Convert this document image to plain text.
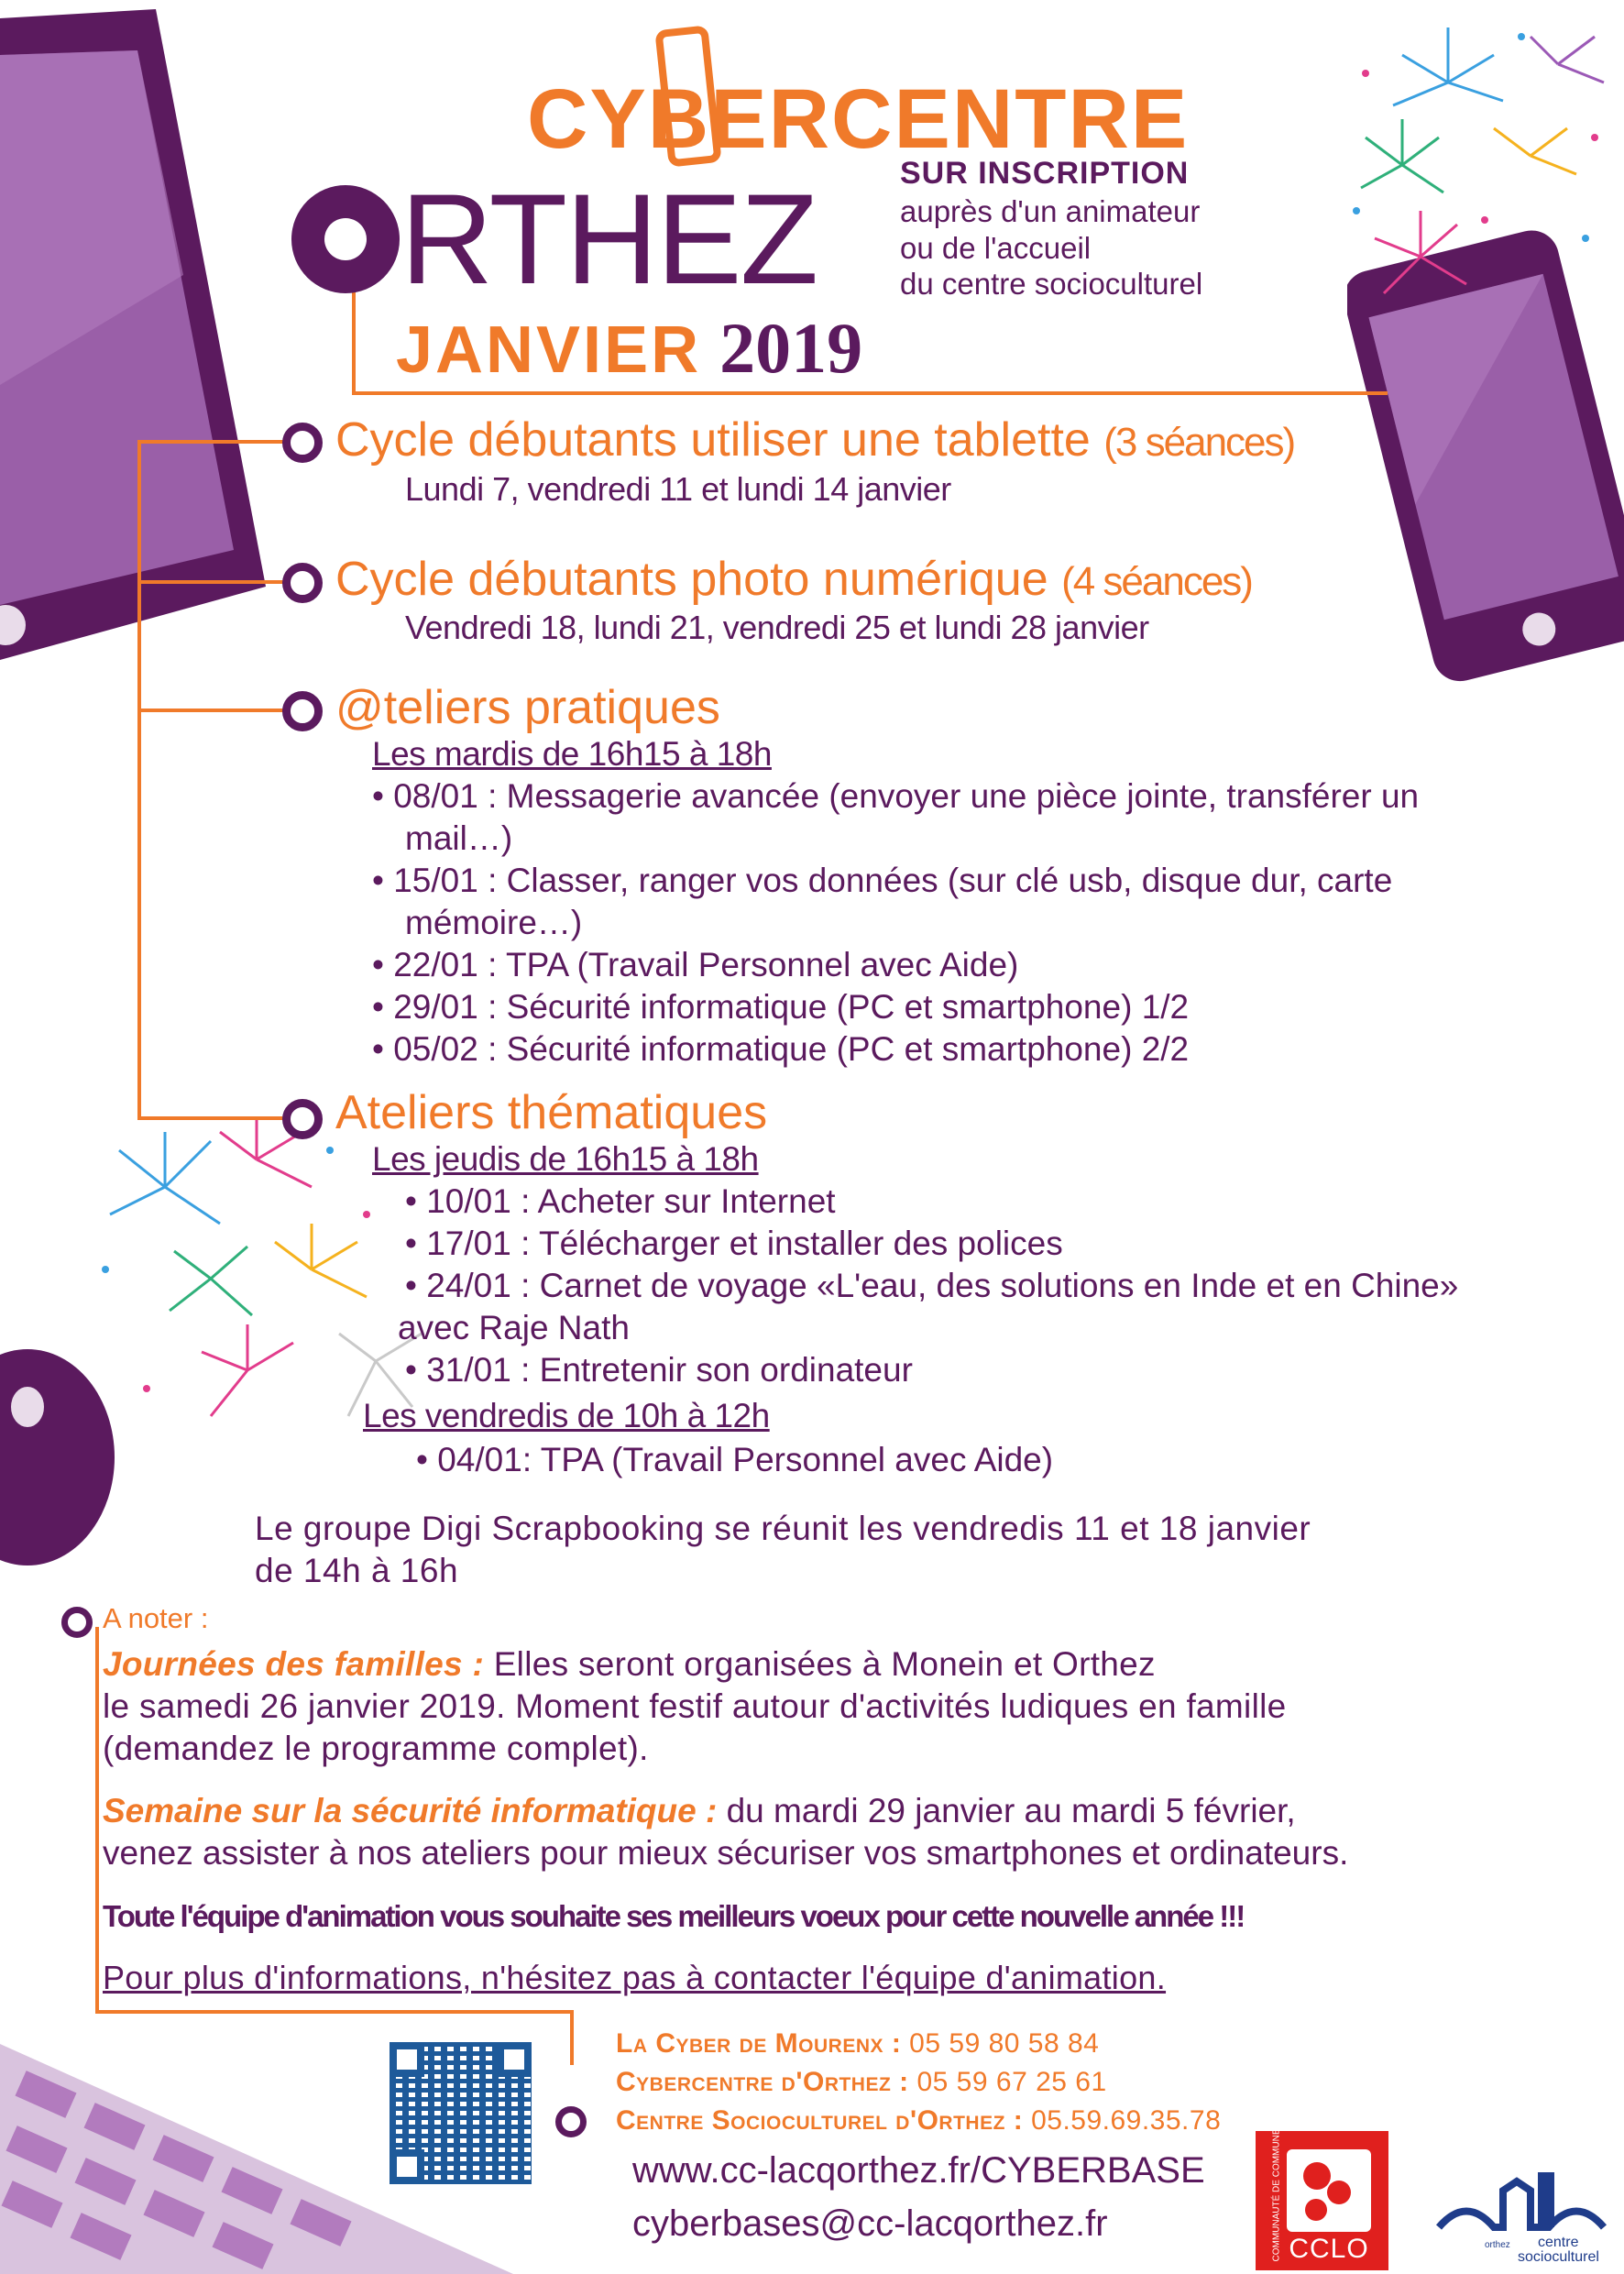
CYBERCENTRE
RTHEZ
JANVIER 2019
SUR INSCRIPTION
auprès d'un animateur
ou de l'accueil
du centre socioculturel
Cycle débutants utiliser une tablette (3 séances)
Lundi 7, vendredi 11 et lundi 14 janvier
Cycle débutants photo numérique (4 séances)
Vendredi 18, lundi 21, vendredi 25 et lundi 28 janvier
@teliers pratiques
Les mardis de 16h15 à 18h
• 08/01 : Messagerie avancée (envoyer une pièce jointe, transférer un
mail…)
• 15/01 : Classer, ranger vos données (sur clé usb, disque dur, carte
mémoire…)
• 22/01 : TPA (Travail Personnel avec Aide)
• 29/01 : Sécurité informatique (PC et smartphone) 1/2
• 05/02 : Sécurité informatique (PC et smartphone) 2/2
Ateliers thématiques
Les jeudis de 16h15 à 18h
• 10/01 : Acheter sur Internet
• 17/01 : Télécharger et installer des polices
• 24/01 : Carnet de voyage «L'eau, des solutions en Inde et en Chine»
avec Raje Nath
• 31/01 : Entretenir son ordinateur
Les vendredis de 10h à 12h
• 04/01: TPA (Travail Personnel avec Aide)
Le groupe Digi Scrapbooking se réunit les vendredis 11 et 18 janvier
de 14h à 16h
A noter :
Journées des familles : Elles seront organisées à Monein et Orthez
le samedi 26 janvier 2019. Moment festif autour d'activités ludiques en famille
(demandez le programme complet).
Semaine sur la sécurité informatique : du mardi 29 janvier au mardi 5 février,
venez assister à nos ateliers pour mieux sécuriser vos smartphones et ordinateurs.
Toute l'équipe d'animation vous souhaite ses meilleurs voeux pour cette nouvelle année !!!
Pour plus d'informations, n'hésitez pas à contacter l'équipe d'animation.
La Cyber de Mourenx : 05 59 80 58 84
Cybercentre d'Orthez : 05 59 67 25 61
Centre Socioculturel d'Orthez : 05.59.69.35.78
www.cc-lacqorthez.fr/CYBERBASE
cyberbases@cc-lacqorthez.fr	COMMUNAUTÉ DE COMMUNES LACQ-ORTHEZ CCLO	orthez centre
socioculturel
